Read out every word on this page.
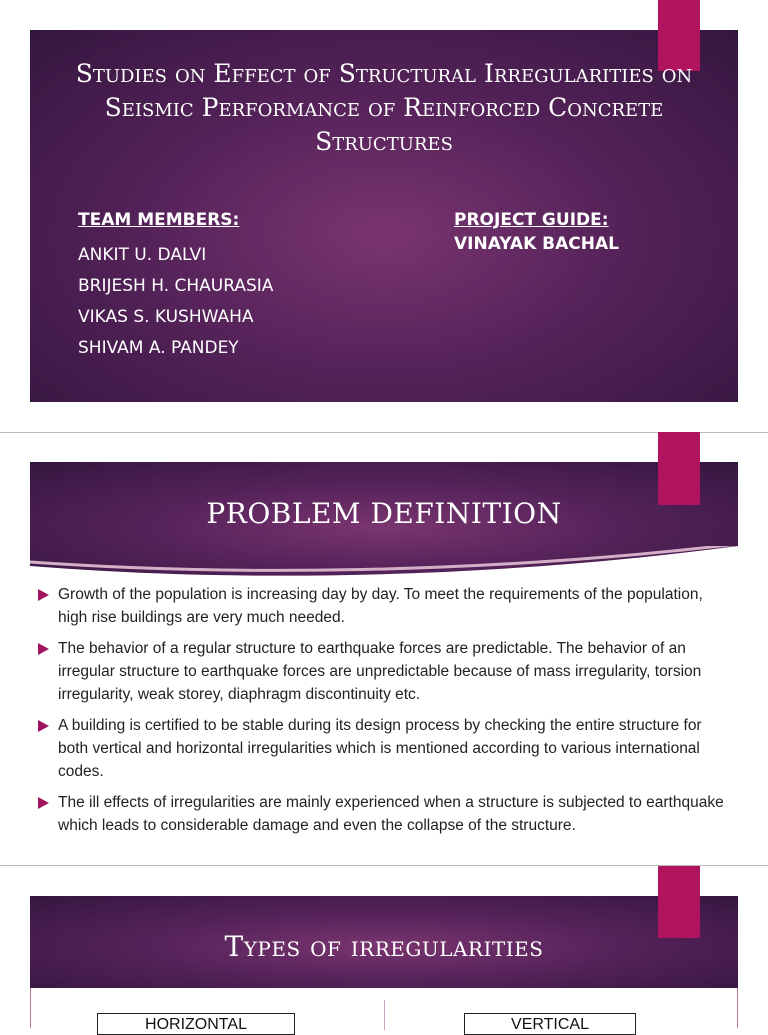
Studies on Effect of Structural Irregularities on Seismic Performance of Reinforced Concrete Structures
TEAM MEMBERS:
ANKIT U. DALVI
BRIJESH H. CHAURASIA
VIKAS S. KUSHWAHA
SHIVAM A. PANDEY
PROJECT GUIDE:
VINAYAK BACHAL
PROBLEM DEFINITION
Growth of the population is increasing day by day. To meet the requirements of the population, high rise buildings are very much needed.
The behavior of a regular structure to earthquake forces are predictable. The behavior of an irregular structure to earthquake forces are unpredictable because of mass irregularity, torsion irregularity, weak storey, diaphragm discontinuity etc.
A building is certified to be stable during its design process by checking the entire structure for both vertical and horizontal irregularities which is mentioned according to various international codes.
The ill effects of irregularities are mainly experienced when a structure is subjected to earthquake which leads to considerable damage and even the collapse of the structure.
Types of irregularities
HORIZONTAL	VERTICAL
